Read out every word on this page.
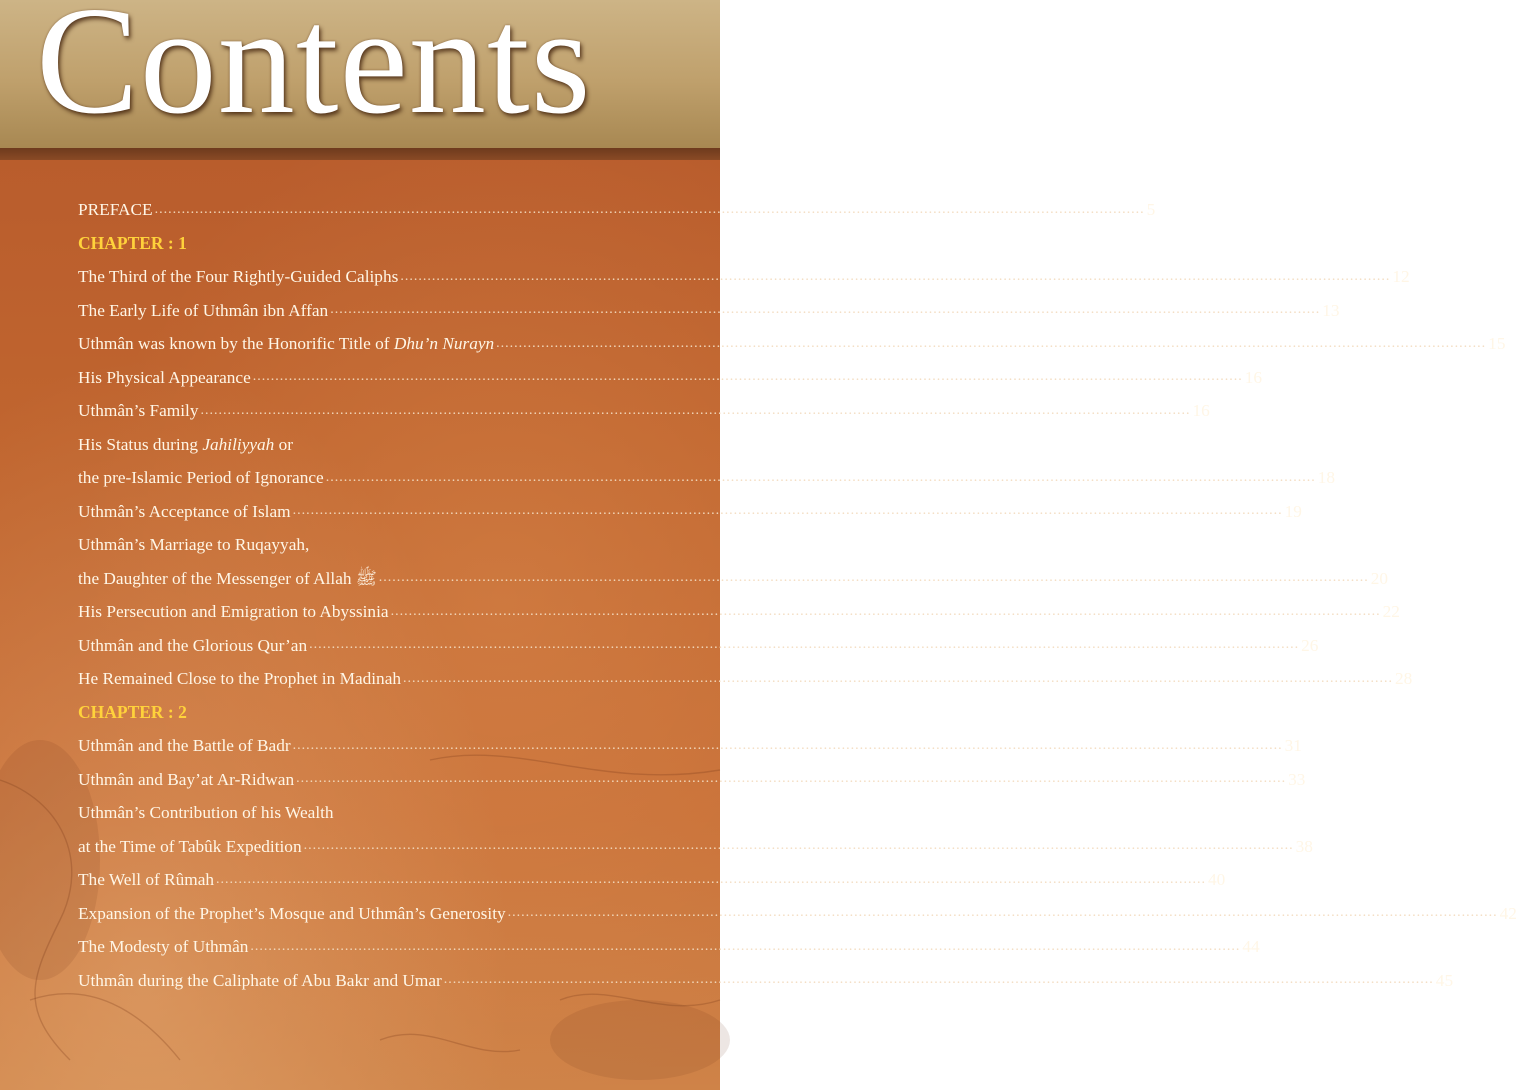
Contents
PREFACE ............................................................................................................................................................................................................................ 5
CHAPTER : 1
The Third of the Four Rightly-Guided Caliphs ............................................................................................................................................................................................................................ 12
The Early Life of Uthmân ibn Affan ............................................................................................................................................................................................................................ 13
Uthmân was known by the Honorific Title of Dhu’n Nurayn ............................................................................................................................................................................................................................ 15
His Physical Appearance ............................................................................................................................................................................................................................ 16
Uthmân’s Family ............................................................................................................................................................................................................................ 16
His Status during Jahiliyyah or
the pre-Islamic Period of Ignorance ............................................................................................................................................................................................................................ 18
Uthmân’s Acceptance of Islam ............................................................................................................................................................................................................................ 19
Uthmân’s Marriage to Ruqayyah,
the Daughter of the Messenger of Allah ﷺ ............................................................................................................................................................................................................................ 20
His Persecution and Emigration to Abyssinia ............................................................................................................................................................................................................................ 22
Uthmân and the Glorious Qur’an ............................................................................................................................................................................................................................ 26
He Remained Close to the Prophet in Madinah ............................................................................................................................................................................................................................ 28
CHAPTER : 2
Uthmân and the Battle of Badr ............................................................................................................................................................................................................................ 31
Uthmân and Bay’at Ar-Ridwan ............................................................................................................................................................................................................................ 33
Uthmân’s Contribution of his Wealth
at the Time of Tabûk Expedition ............................................................................................................................................................................................................................ 38
The Well of Rûmah ............................................................................................................................................................................................................................ 40
Expansion of the Prophet’s Mosque and Uthmân’s Generosity ............................................................................................................................................................................................................................ 42
The Modesty of Uthmân ............................................................................................................................................................................................................................ 44
Uthmân during the Caliphate of Abu Bakr and Umar ............................................................................................................................................................................................................................ 45
